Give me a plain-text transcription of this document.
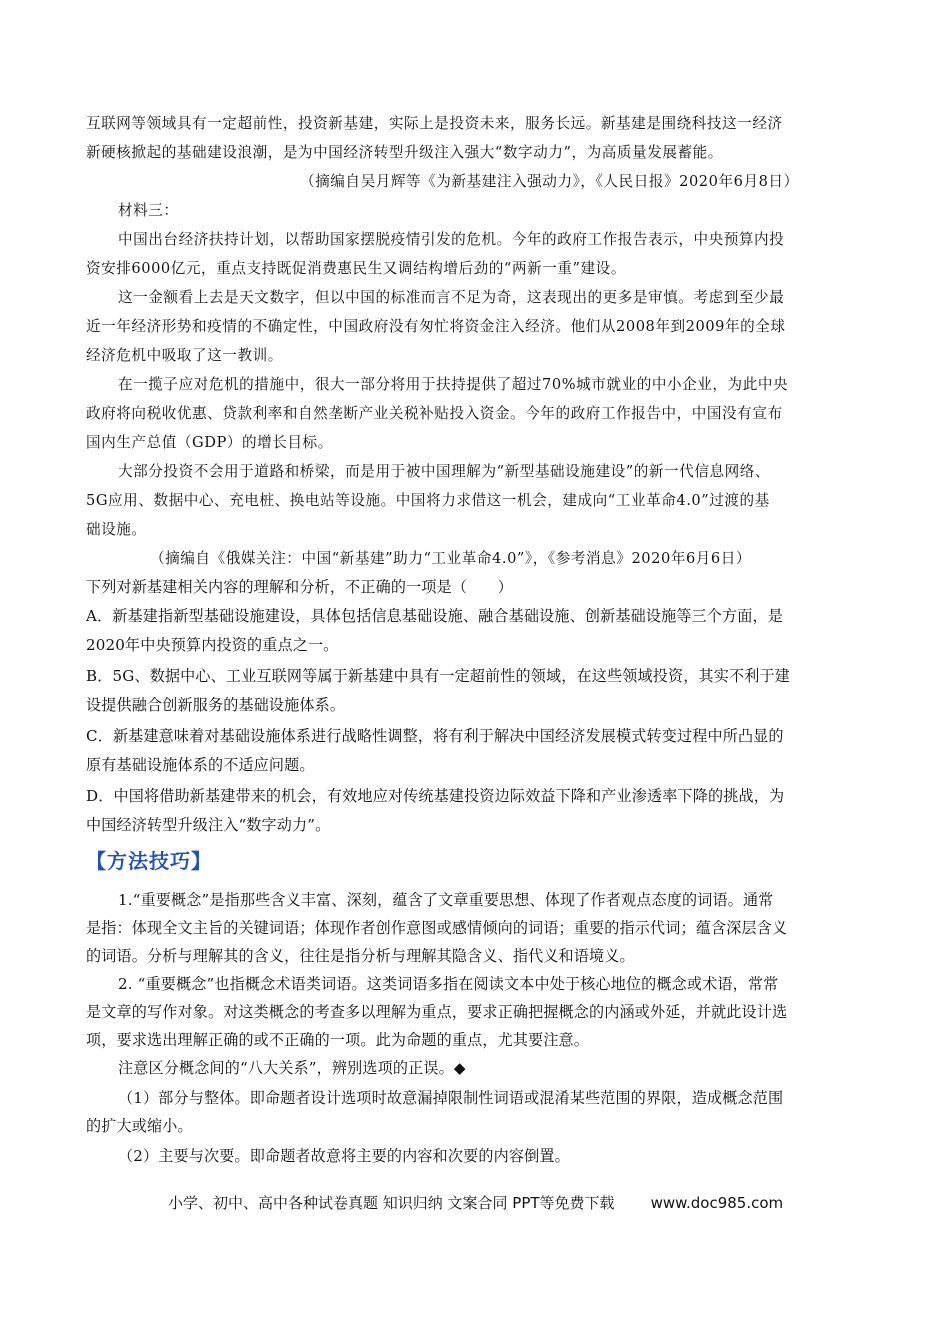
互联网等领域具有一定超前性，投资新基建，实际上是投资未来，服务长远。新基建是围绕科技这一经济
新硬核掀起的基础建设浪潮，是为中国经济转型升级注入强大“数字动力”，为高质量发展蓄能。
（摘编自吴月辉等《为新基建注入强动力》，《人民日报》2020年6月8日）
材料三：
中国出台经济扶持计划，以帮助国家摆脱疫情引发的危机。今年的政府工作报告表示，中央预算内投
资安排6000亿元，重点支持既促消费惠民生又调结构增后劲的“两新一重”建设。
这一金额看上去是天文数字，但以中国的标准而言不足为奇，这表现出的更多是审慎。考虑到至少最
近一年经济形势和疫情的不确定性，中国政府没有匆忙将资金注入经济。他们从2008年到2009年的全球
经济危机中吸取了这一教训。
在一揽子应对危机的措施中，很大一部分将用于扶持提供了超过70%城市就业的中小企业，为此中央
政府将向税收优惠、贷款利率和自然垄断产业关税补贴投入资金。今年的政府工作报告中，中国没有宣布
国内生产总值（GDP）的增长目标。
大部分投资不会用于道路和桥梁，而是用于被中国理解为“新型基础设施建设”的新一代信息网络、
5G应用、数据中心、充电桩、换电站等设施。中国将力求借这一机会，建成向“工业革命4.0”过渡的基
础设施。
（摘编自《俄媒关注：中国“新基建”助力“工业革命4.0”》，《参考消息》2020年6月6日）
下列对新基建相关内容的理解和分析，不正确的一项是（　　）
A．新基建指新型基础设施建设，具体包括信息基础设施、融合基础设施、创新基础设施等三个方面，是
2020年中央预算内投资的重点之一。
B．5G、数据中心、工业互联网等属于新基建中具有一定超前性的领域，在这些领域投资，其实不利于建
设提供融合创新服务的基础设施体系。
C．新基建意味着对基础设施体系进行战略性调整，将有利于解决中国经济发展模式转变过程中所凸显的
原有基础设施体系的不适应问题。
D．中国将借助新基建带来的机会，有效地应对传统基建投资边际效益下降和产业渗透率下降的挑战，为
中国经济转型升级注入“数字动力”。
【方法技巧】
1.“重要概念”是指那些含义丰富、深刻，蕴含了文章重要思想、体现了作者观点态度的词语。通常
是指：体现全文主旨的关键词语；体现作者创作意图或感情倾向的词语；重要的指示代词；蕴含深层含义
的词语。分析与理解其的含义，往往是指分析与理解其隐含义、指代义和语境义。
2. “重要概念”也指概念术语类词语。这类词语多指在阅读文本中处于核心地位的概念或术语，常常
是文章的写作对象。对这类概念的考查多以理解为重点，要求正确把握概念的内涵或外延，并就此设计选
项，要求选出理解正确的或不正确的一项。此为命题的重点，尤其要注意。
注意区分概念间的“八大关系”，辨别选项的正误。◆
（1）部分与整体。即命题者设计选项时故意漏掉限制性词语或混淆某些范围的界限，造成概念范围
的扩大或缩小。
（2）主要与次要。即命题者故意将主要的内容和次要的内容倒置。
小学、初中、高中各种试卷真题 知识归纳 文案合同 PPT等免费下载 www.doc985.com
